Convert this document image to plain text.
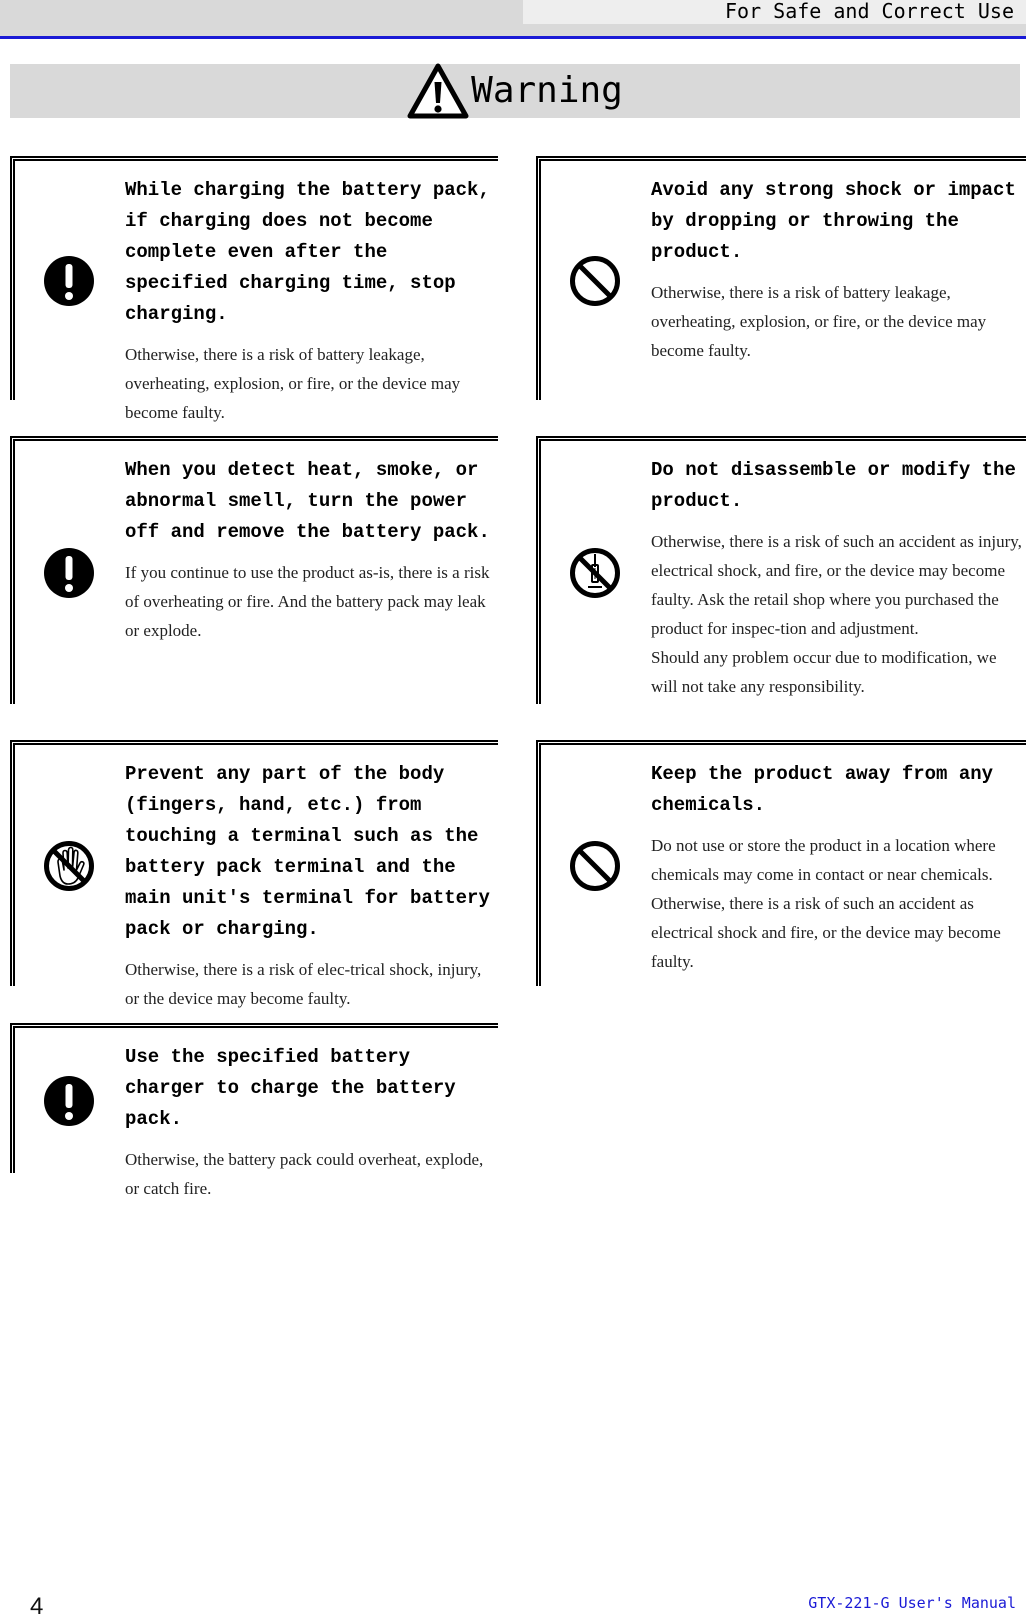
For Safe and Correct Use
Warning

While charging the battery pack, if charging does not become complete even after the specified charging time, stop charging.

Otherwise, there is a risk of battery leakage, overheating, explosion, or fire, or the device may become faulty.

Avoid any strong shock or impact by dropping or throwing the product.

Otherwise, there is a risk of battery leakage, overheating, explosion, or fire, or the device may become faulty.

When you detect heat, smoke, or abnormal smell, turn the power off and remove the battery pack.

If you continue to use the product as-is, there is a risk of overheating or fire. And the battery pack may leak or explode.

Do not disassemble or modify the product.

Otherwise, there is a risk of such an accident as injury, electrical shock, and fire, or the device may become faulty. Ask the retail shop where you purchased the product for inspec-tion and adjustment.

Should any problem occur due to modification, we will not take any responsibility.

Prevent any part of the body (fingers, hand, etc.) from touching a terminal such as the battery pack terminal and the main unit's terminal for battery pack or charging.

Otherwise, there is a risk of elec-trical shock, injury, or the device may become faulty.

Keep the product away from any chemicals.

Do not use or store the product in a location where chemicals may come in contact or near chemicals. Otherwise, there is a risk of such an accident as electrical shock and fire, or the device may become faulty.

Use the specified battery charger to charge the battery pack.

Otherwise, the battery pack could overheat, explode, or catch fire.

4	GTX-221-G User's Manual
